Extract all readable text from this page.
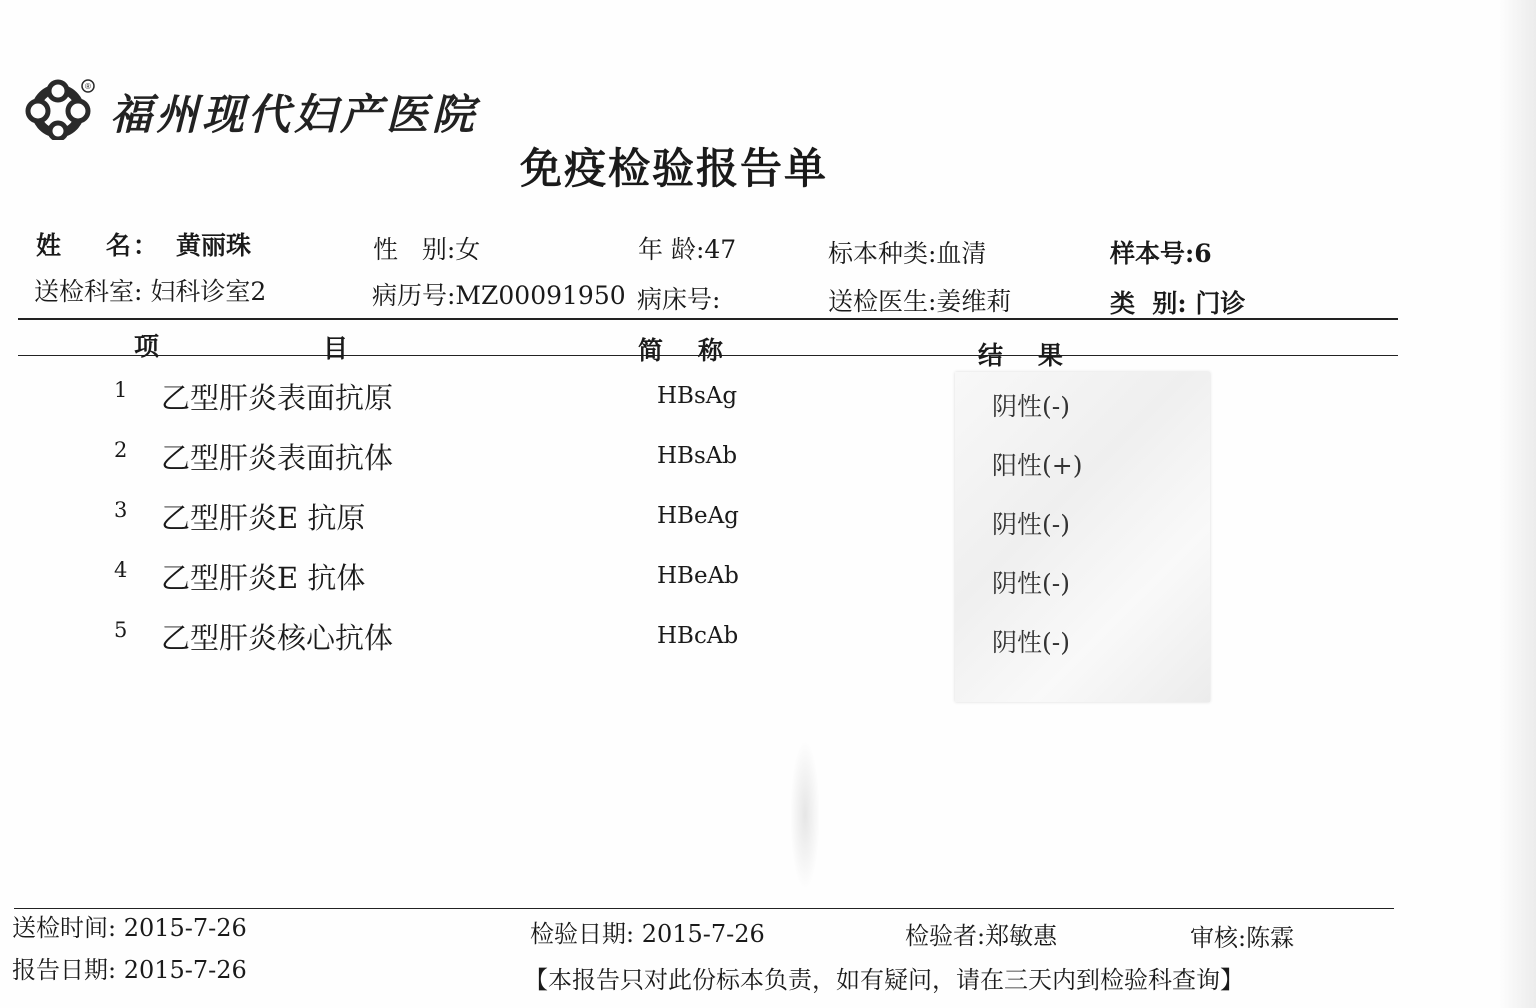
®
福州现代妇产医院
免疫检验报告单
姓    名： 黄丽珠	性   别:女	年 龄:47	标本种类:血清	样本号:6
送检科室: 妇科诊室2	病历号:MZ00091950 病床号:	送检医生:姜维莉	类  别: 门诊
项	目	简    称	结    果
1 乙型肝炎表面抗原	HBsAg	阴性(-)
2 乙型肝炎表面抗体	HBsAb	阳性(+)
3 乙型肝炎E 抗原	HBeAg	阴性(-)
4 乙型肝炎E 抗体	HBeAb	阴性(-)
5 乙型肝炎核心抗体	HBcAb	阴性(-)
送检时间: 2015-7-26
报告日期: 2015-7-26
检验日期: 2015-7-26	检验者:郑敏惠	审核:陈霖
【本报告只对此份标本负责，如有疑问，请在三天内到检验科查询】
